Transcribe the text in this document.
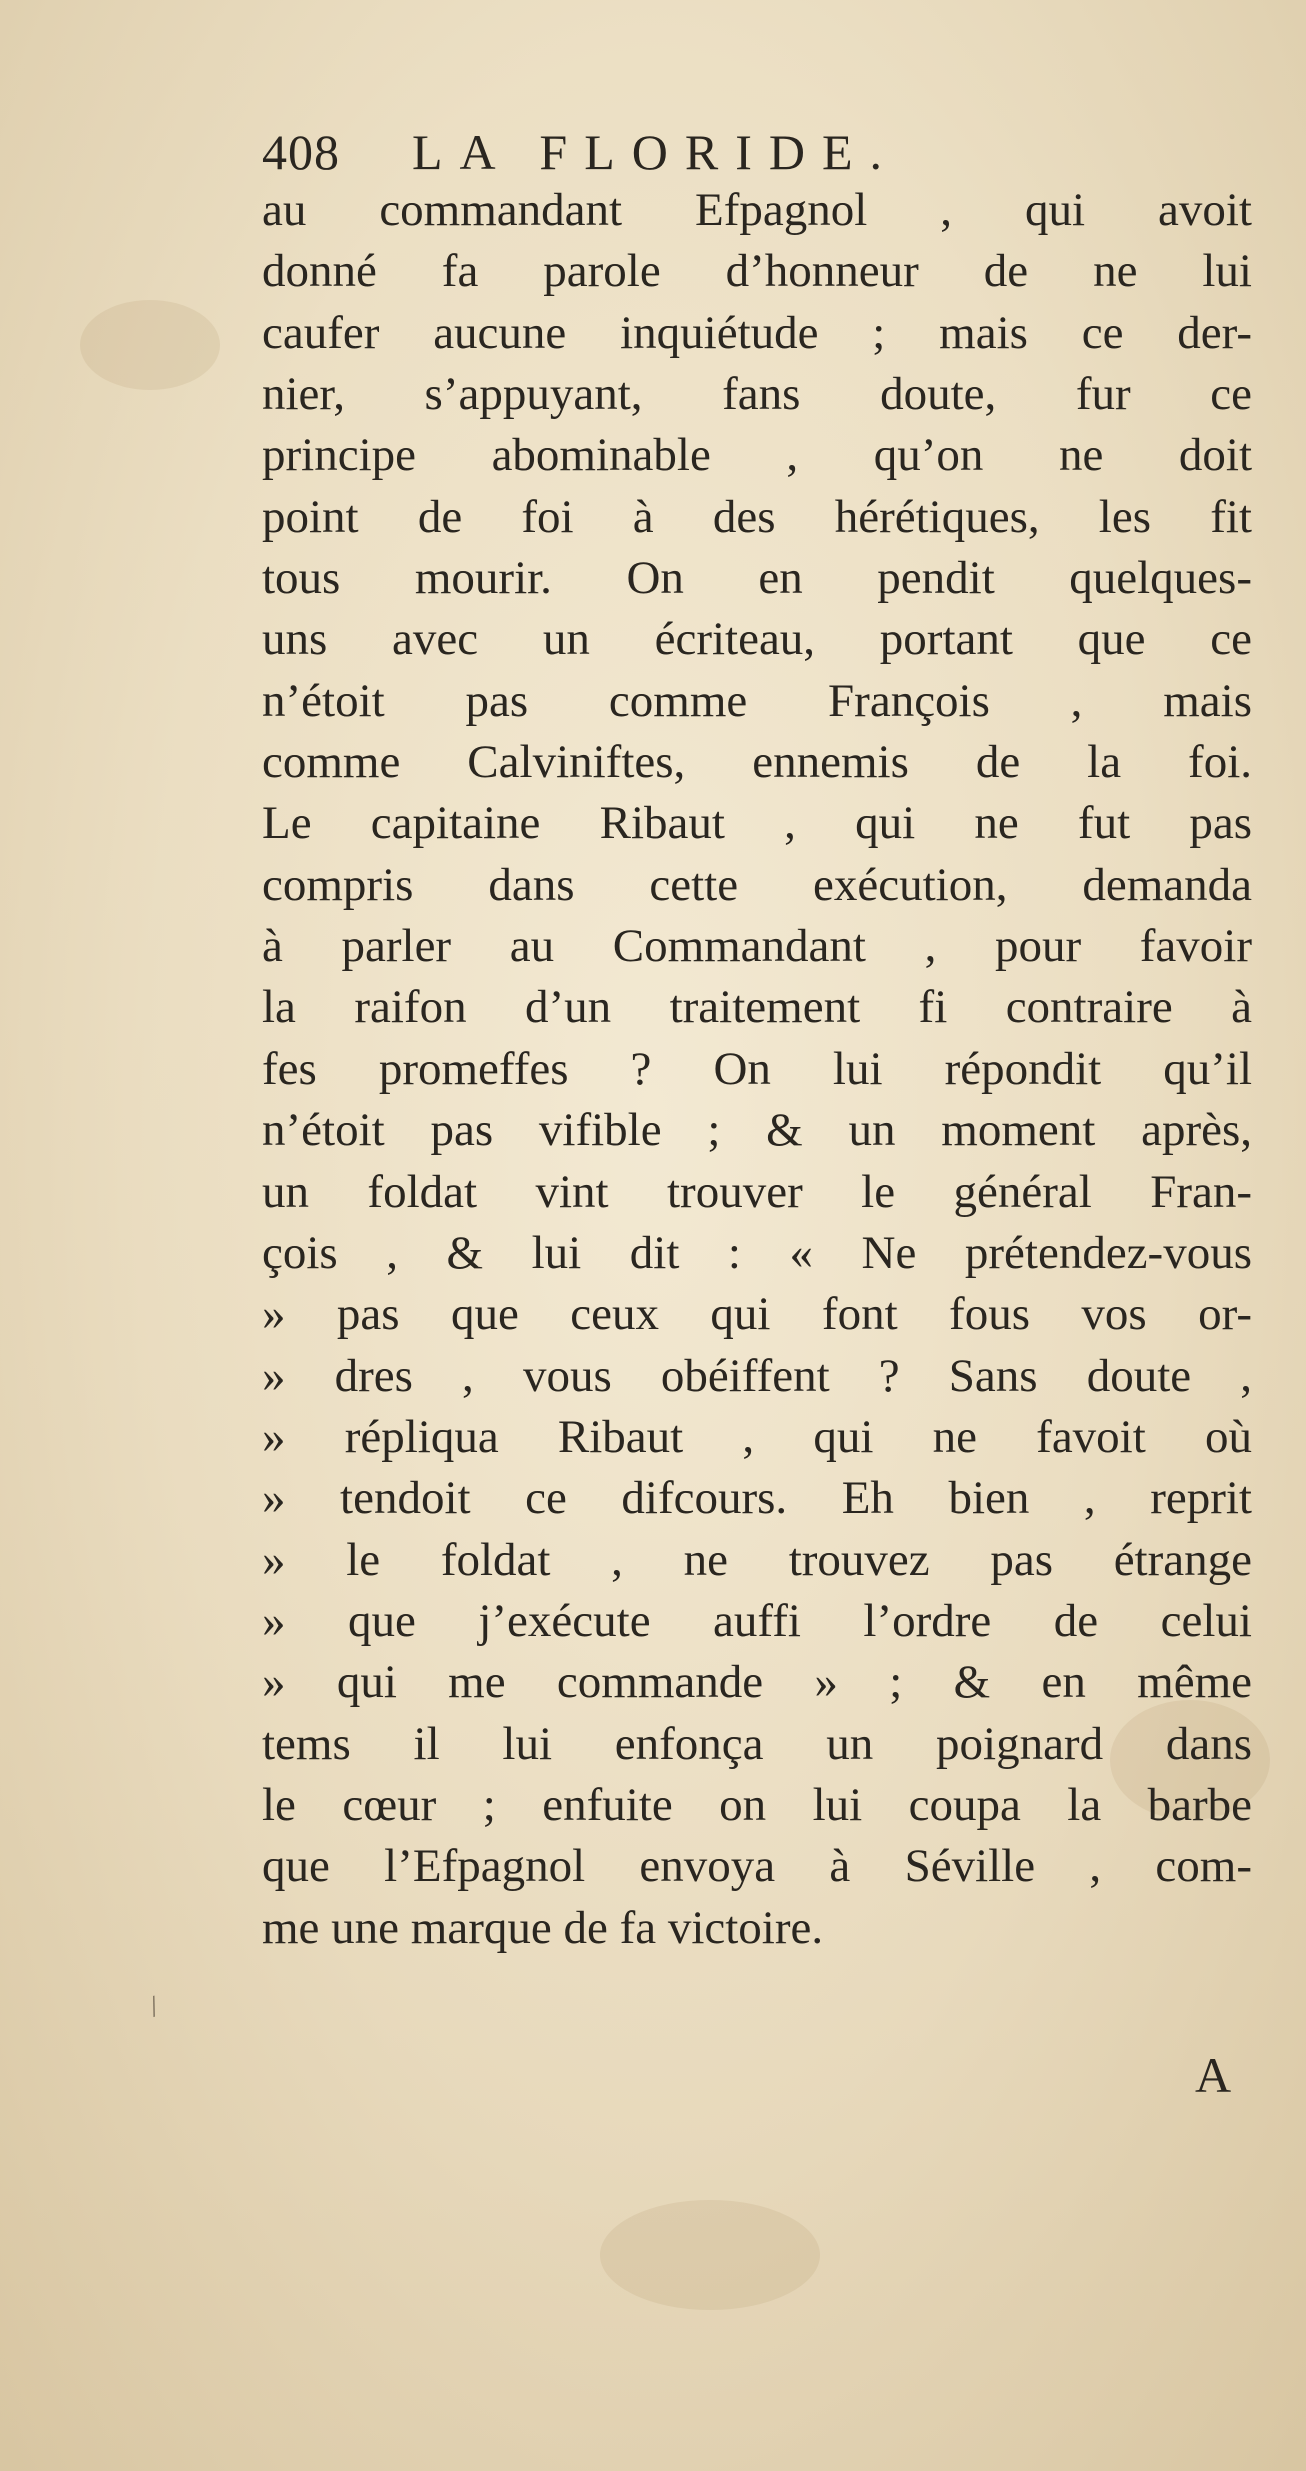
408 LA FLORIDE.
au commandant Efpagnol , qui avoit
donné fa parole d’honneur de ne lui
caufer aucune inquiétude ; mais ce der-
nier, s’appuyant, fans doute, fur ce
principe abominable , qu’on ne doit
point de foi à des hérétiques, les fit
tous mourir. On en pendit quelques-
uns avec un écriteau, portant que ce
n’étoit pas comme François , mais
comme Calviniftes, ennemis de la foi.
Le capitaine Ribaut , qui ne fut pas
compris dans cette exécution, demanda
à parler au Commandant , pour favoir
la raifon d’un traitement fi contraire à
fes promeffes ? On lui répondit qu’il
n’étoit pas vifible ; & un moment après,
un foldat vint trouver le général Fran-
çois , & lui dit : « Ne prétendez-vous
» pas que ceux qui font fous vos or-
» dres , vous obéiffent ? Sans doute ,
» répliqua Ribaut , qui ne favoit où
» tendoit ce difcours. Eh bien , reprit
» le foldat , ne trouvez pas étrange
» que j’exécute auffi l’ordre de celui
» qui me commande » ; & en même
tems il lui enfonça un poignard dans
le cœur ; enfuite on lui coupa la barbe
que l’Efpagnol envoya à Séville , com-
me une marque de fa victoire.
A
/
